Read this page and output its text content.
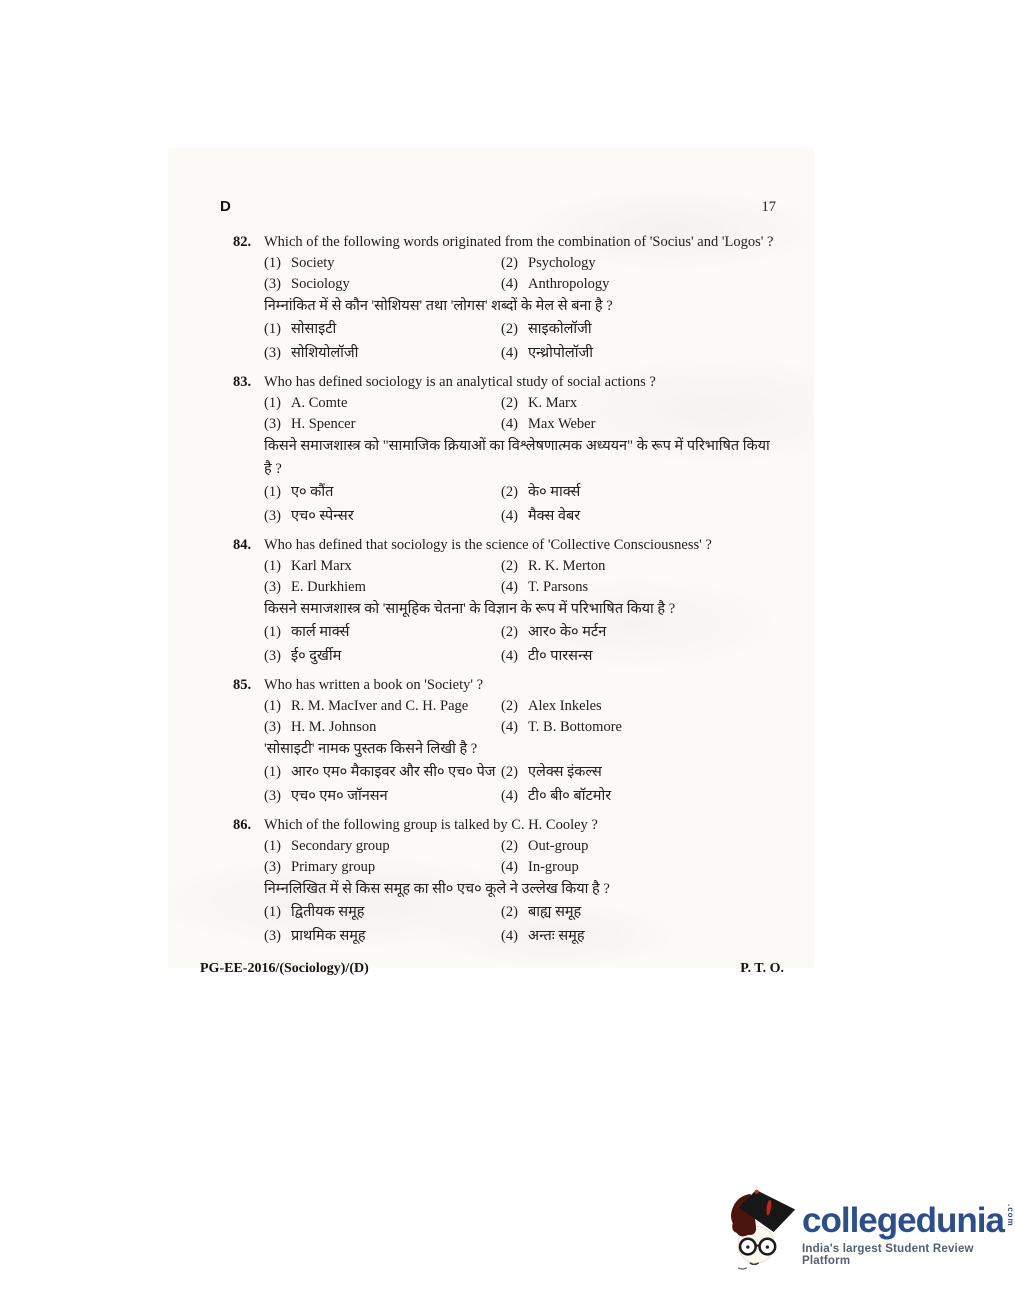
D	17
82. Which of the following words originated from the combination of 'Socius' and 'Logos' ?

(1) Society	(2) Psychology
(3) Sociology	(4) Anthropology

निम्नांकित में से कौन 'सोशियस' तथा 'लोगस' शब्दों के मेल से बना है ?

(1) सोसाइटी	(2) साइकोलॉजी
(3) सोशियोलॉजी	(4) एन्थ्रोपोलॉजी
83. Who has defined sociology is an analytical study of social actions ?

(1) A. Comte	(2) K. Marx
(3) H. Spencer	(4) Max Weber

किसने समाजशास्त्र को "सामाजिक क्रियाओं का विश्लेषणात्मक अध्ययन" के रूप में परिभाषित किया है ?

(1) ए० कौंत	(2) के० मार्क्स
(3) एच० स्पेन्सर	(4) मैक्स वेबर
84. Who has defined that sociology is the science of 'Collective Consciousness' ?

(1) Karl Marx	(2) R. K. Merton
(3) E. Durkhiem	(4) T. Parsons

किसने समाजशास्त्र को 'सामूहिक चेतना' के विज्ञान के रूप में परिभाषित किया है ?

(1) कार्ल मार्क्स	(2) आर० के० मर्टन
(3) ई० दुर्खीम	(4) टी० पारसन्स
85. Who has written a book on 'Society' ?

(1) R. M. MacIver and C. H. Page	(2) Alex Inkeles
(3) H. M. Johnson	(4) T. B. Bottomore

'सोसाइटी' नामक पुस्तक किसने लिखी है ?

(1) आर० एम० मैकाइवर और सी० एच० पेज (2) एलेक्स इंकल्स
(3) एच० एम० जॉनसन	(4) टी० बी० बॉटमोर
86. Which of the following group is talked by C. H. Cooley ?

(1) Secondary group	(2) Out-group
(3) Primary group	(4) In-group

निम्नलिखित में से किस समूह का सी० एच० कूले ने उल्लेख किया है ?

(1) द्वितीयक समूह	(2) बाह्य समूह
(3) प्राथमिक समूह	(4) अन्तः समूह
PG-EE-2016/(Sociology)/(D)	P. T. O.
collegedunia .com
India's largest Student Review Platform
